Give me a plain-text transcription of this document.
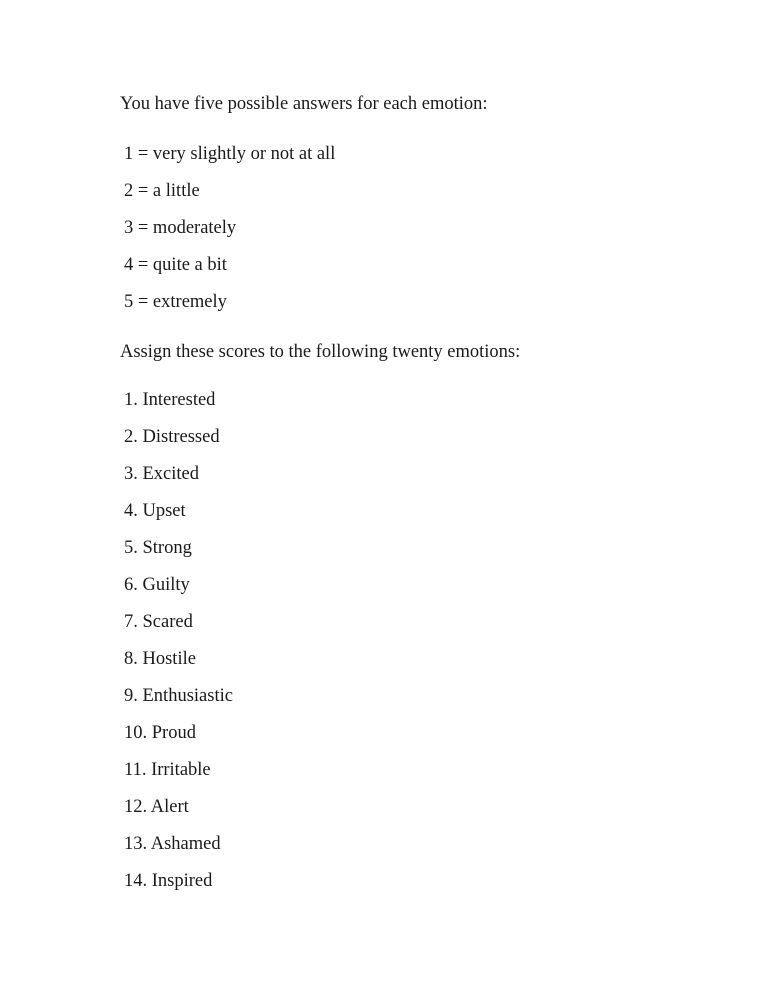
You have five possible answers for each emotion:

1 = very slightly or not at all

2 = a little

3 = moderately

4 = quite a bit

5 = extremely

Assign these scores to the following twenty emotions:

1. Interested

2. Distressed

3. Excited

4. Upset

5. Strong

6. Guilty

7. Scared

8. Hostile

9. Enthusiastic

10. Proud

11. Irritable

12. Alert

13. Ashamed

14. Inspired
